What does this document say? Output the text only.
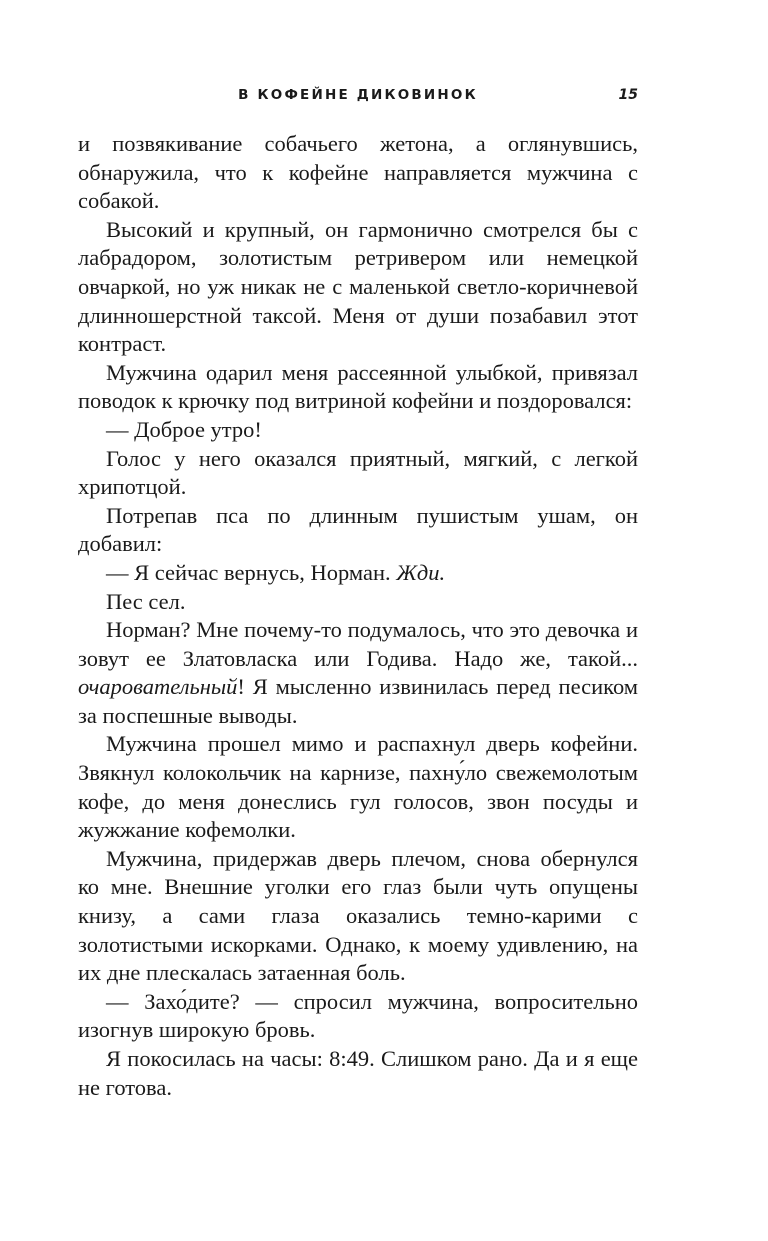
В КОФЕЙНЕ ДИКОВИНОК	15

и позвякивание собачьего жетона, а оглянувшись, обнаружила, что к кофейне направляется мужчина с собакой.

Высокий и крупный, он гармонично смотрелся бы с лабрадором, золотистым ретривером или немецкой овчаркой, но уж никак не с маленькой светло-коричневой длинношерстной таксой. Меня от души позабавил этот контраст.

Мужчина одарил меня рассеянной улыбкой, привязал поводок к крючку под витриной кофейни и поздоровался:

— Доброе утро!

Голос у него оказался приятный, мягкий, с легкой хрипотцой.

Потрепав пса по длинным пушистым ушам, он добавил:

— Я сейчас вернусь, Норман. Жди.

Пес сел.

Норман? Мне почему-то подумалось, что это девочка и зовут ее Златовласка или Годива. Надо же, такой... очаровательный! Я мысленно извинилась перед песиком за поспешные выводы.

Мужчина прошел мимо и распахнул дверь кофейни. Звякнул колокольчик на карнизе, пахну́ло свежемолотым кофе, до меня донеслись гул голосов, звон посуды и жужжание кофемолки.

Мужчина, придержав дверь плечом, снова обернулся ко мне. Внешние уголки его глаз были чуть опущены книзу, а сами глаза оказались темно-карими с золотистыми искорками. Однако, к моему удивлению, на их дне плескалась затаенная боль.

— Захо́дите? — спросил мужчина, вопросительно изогнув широкую бровь.

Я покосилась на часы: 8:49. Слишком рано. Да и я еще не готова.
